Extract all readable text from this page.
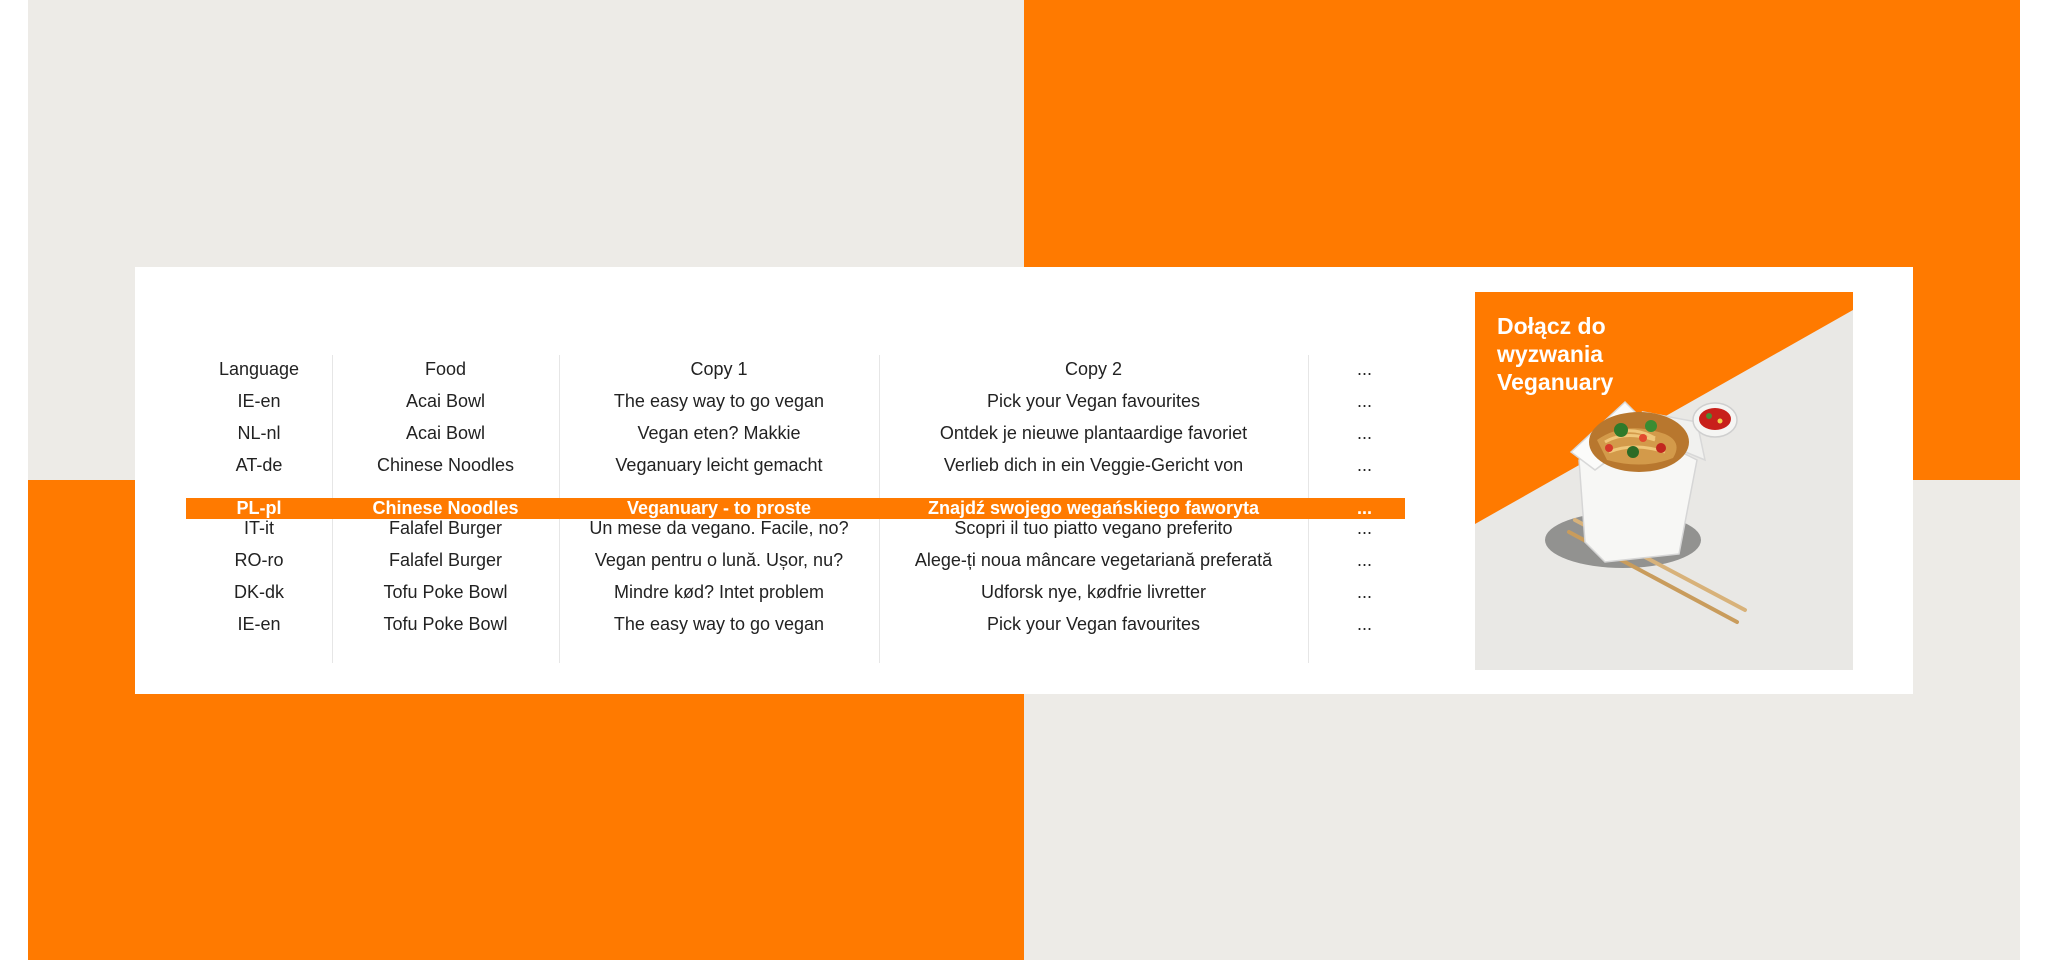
Language	Food	Copy 1	Copy 2	...
IE-en	Acai Bowl	The easy way to go vegan	Pick your Vegan favourites	...
NL-nl	Acai Bowl	Vegan eten? Makkie	Ontdek je nieuwe plantaardige favoriet	...
AT-de	Chinese Noodles	Veganuary leicht gemacht	Verlieb dich in ein Veggie-Gericht von	...
PL-pl	Chinese Noodles	Veganuary - to proste	Znajdź swojego wegańskiego faworyta	...
IT-it	Falafel Burger	Un mese da vegano. Facile, no?	Scopri il tuo piatto vegano preferito	...
RO-ro	Falafel Burger	Vegan pentru o lună. Ușor, nu?	Alege-ți noua mâncare vegetariană preferată	...
DK-dk	Tofu Poke Bowl	Mindre kød? Intet problem	Udforsk nye, kødfrie livretter	...
IE-en	Tofu Poke Bowl	The easy way to go vegan	Pick your Vegan favourites	...
Dołącz do
wyzwania
Veganuary
